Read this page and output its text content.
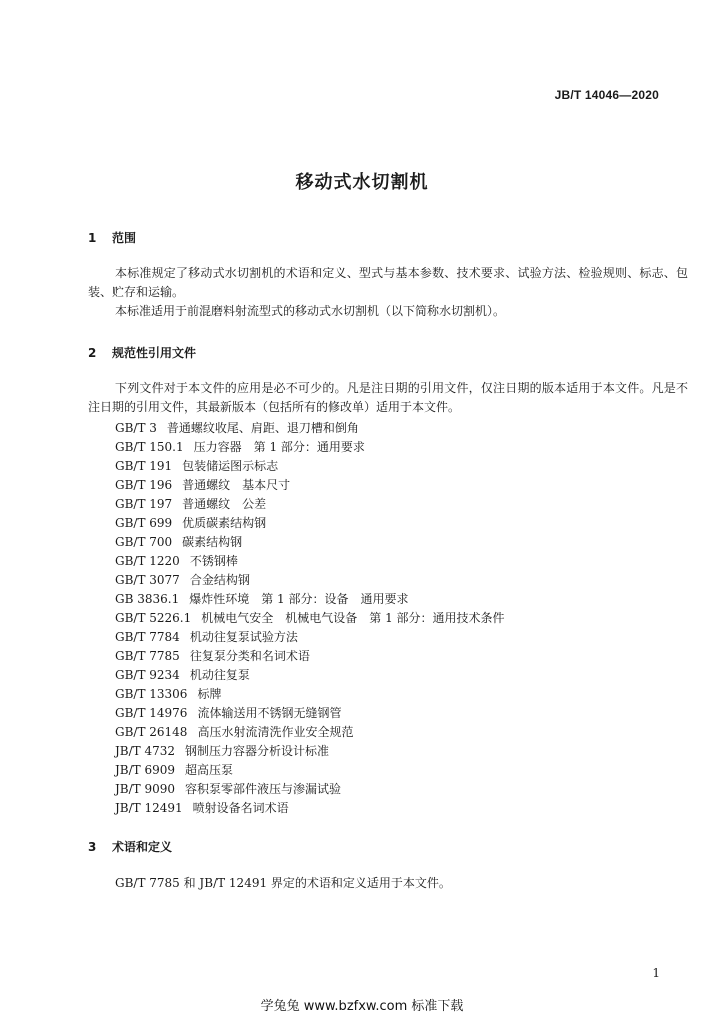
JB/T 14046—2020
移动式水切割机
1 范围
本标准规定了移动式水切割机的术语和定义、型式与基本参数、技术要求、试验方法、检验规则、标志、包装、贮存和运输。
本标准适用于前混磨料射流型式的移动式水切割机（以下简称水切割机）。
2 规范性引用文件
下列文件对于本文件的应用是必不可少的。凡是注日期的引用文件，仅注日期的版本适用于本文件。凡是不注日期的引用文件，其最新版本（包括所有的修改单）适用于本文件。
GB/T 3 普通螺纹收尾、肩距、退刀槽和倒角
GB/T 150.1 压力容器　第 1 部分：通用要求
GB/T 191 包装储运图示标志
GB/T 196 普通螺纹　基本尺寸
GB/T 197 普通螺纹　公差
GB/T 699 优质碳素结构钢
GB/T 700 碳素结构钢
GB/T 1220 不锈钢棒
GB/T 3077 合金结构钢
GB 3836.1 爆炸性环境　第 1 部分：设备　通用要求
GB/T 5226.1 机械电气安全　机械电气设备　第 1 部分：通用技术条件
GB/T 7784 机动往复泵试验方法
GB/T 7785 往复泵分类和名词术语
GB/T 9234 机动往复泵
GB/T 13306 标牌
GB/T 14976 流体输送用不锈钢无缝钢管
GB/T 26148 高压水射流清洗作业安全规范
JB/T 4732 钢制压力容器分析设计标准
JB/T 6909 超高压泵
JB/T 9090 容积泵零部件液压与渗漏试验
JB/T 12491 喷射设备名词术语
3 术语和定义
GB/T 7785 和 JB/T 12491 界定的术语和定义适用于本文件。
1
学兔兔 www.bzfxw.com 标准下载
